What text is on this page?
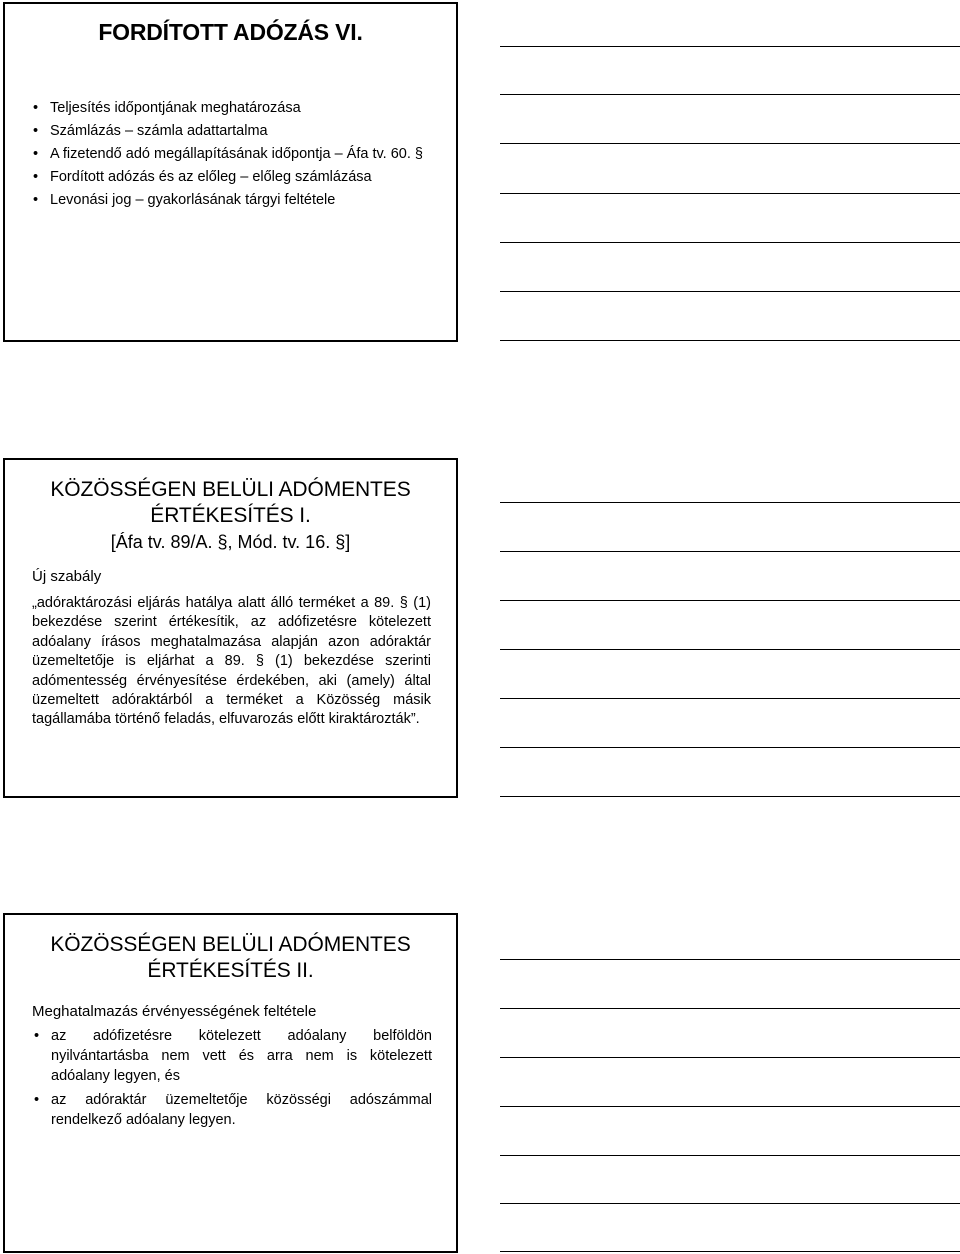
FORDÍTOTT ADÓZÁS VI.
• Teljesítés időpontjának meghatározása
• Számlázás – számla adattartalma
• A fizetendő adó megállapításának időpontja – Áfa tv. 60. §
• Fordított adózás és az előleg – előleg számlázása
• Levonási jog – gyakorlásának tárgyi feltétele
KÖZÖSSÉGEN BELÜLI ADÓMENTES
ÉRTÉKESÍTÉS I.
[Áfa tv. 89/A. §, Mód. tv. 16. §]
Új szabály
„adóraktározási eljárás hatálya alatt álló terméket a 89. § (1) bekezdése szerint értékesítik, az adófizetésre kötelezett adóalany írásos meghatalmazása alapján azon adóraktár üzemeltetője is eljárhat a 89. § (1) bekezdése szerinti adómentesség érvényesítése érdekében, aki (amely) által üzemeltett adóraktárból a terméket a Közösség másik tagállamába történő feladás, elfuvarozás előtt kiraktározták”.
KÖZÖSSÉGEN BELÜLI ADÓMENTES
ÉRTÉKESÍTÉS II.
Meghatalmazás érvényességének feltétele
• az adófizetésre kötelezett adóalany belföldön nyilvántartásba nem vett és arra nem is kötelezett adóalany legyen, és
• az adóraktár üzemeltetője közösségi adószámmal rendelkező adóalany legyen.
